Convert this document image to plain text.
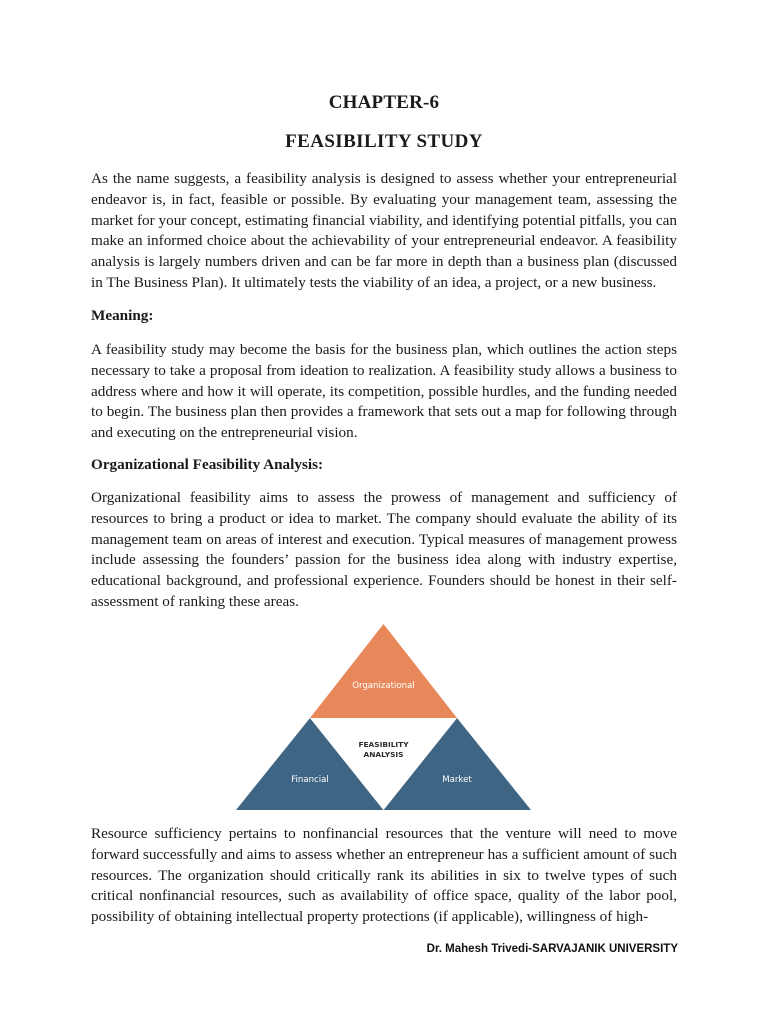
CHAPTER-6
FEASIBILITY STUDY

As the name suggests, a feasibility analysis is designed to assess whether your entrepreneurial endeavor is, in fact, feasible or possible. By evaluating your management team, assessing the market for your concept, estimating financial viability, and identifying potential pitfalls, you can make an informed choice about the achievability of your entrepreneurial endeavor. A feasibility analysis is largely numbers driven and can be far more in depth than a business plan (discussed in The Business Plan). It ultimately tests the viability of an idea, a project, or a new business.

Meaning:

A feasibility study may become the basis for the business plan, which outlines the action steps necessary to take a proposal from ideation to realization. A feasibility study allows a business to address where and how it will operate, its competition, possible hurdles, and the funding needed to begin. The business plan then provides a framework that sets out a map for following through and executing on the entrepreneurial vision.

Organizational Feasibility Analysis:

Organizational feasibility aims to assess the prowess of management and sufficiency of resources to bring a product or idea to market. The company should evaluate the ability of its management team on areas of interest and execution. Typical measures of management prowess include assessing the founders’ passion for the business idea along with industry expertise, educational background, and professional experience. Founders should be honest in their self-assessment of ranking these areas.

Organizational
FEASIBILITY
ANALYSIS
Financial	Market

Resource sufficiency pertains to nonfinancial resources that the venture will need to move forward successfully and aims to assess whether an entrepreneur has a sufficient amount of such resources. The organization should critically rank its abilities in six to twelve types of such critical nonfinancial resources, such as availability of office space, quality of the labor pool, possibility of obtaining intellectual property protections (if applicable), willingness of high-

Dr. Mahesh Trivedi-SARVAJANIK UNIVERSITY
